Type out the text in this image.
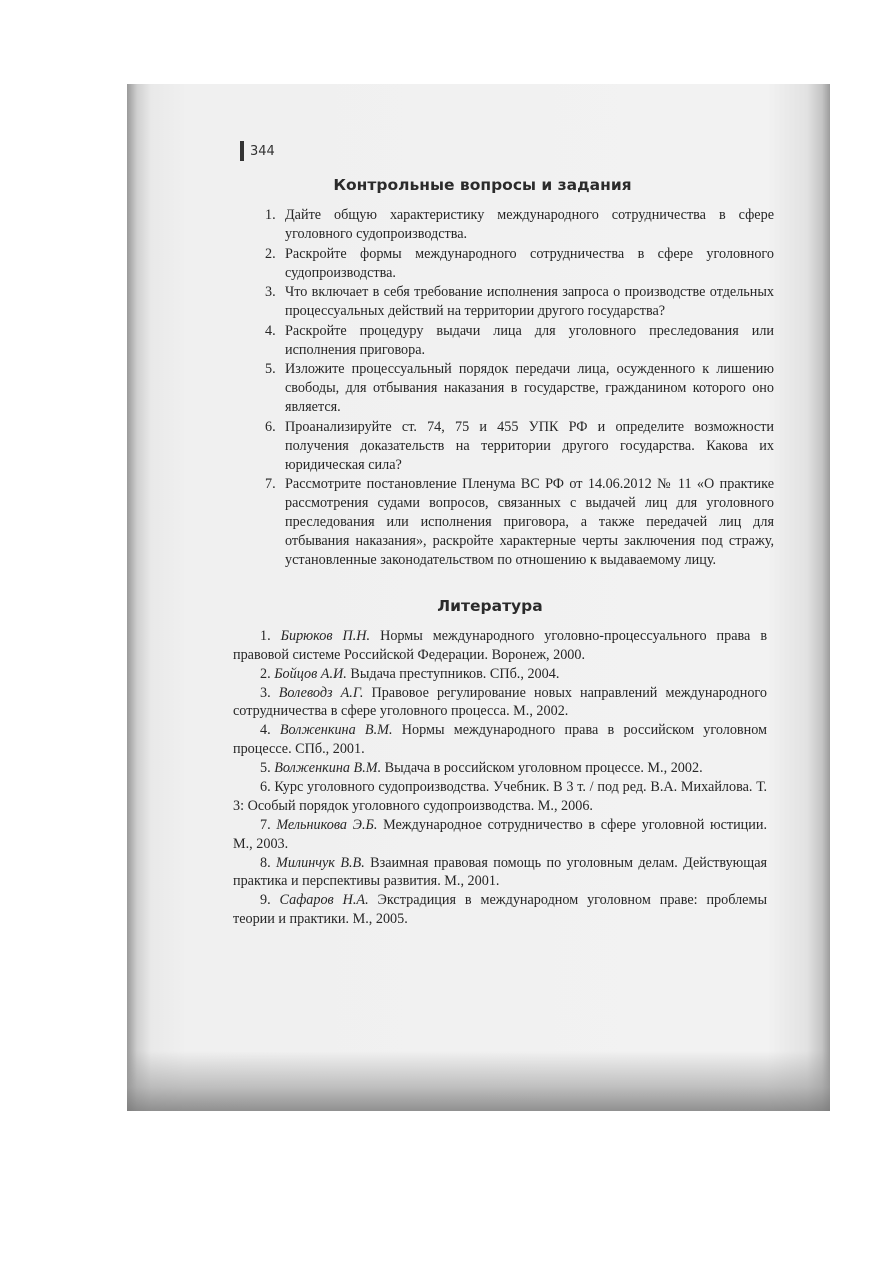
344
Контрольные вопросы и задания
1. Дайте общую характеристику международного сотрудничества в сфере уголовного судопроизводства.
2. Раскройте формы международного сотрудничества в сфере уголовного судопроизводства.
3. Что включает в себя требование исполнения запроса о производстве отдельных процессуальных действий на территории другого государства?
4. Раскройте процедуру выдачи лица для уголовного преследования или исполнения приговора.
5. Изложите процессуальный порядок передачи лица, осужденного к лишению свободы, для отбывания наказания в государстве, гражданином которого оно является.
6. Проанализируйте ст. 74, 75 и 455 УПК РФ и определите возможности получения доказательств на территории другого государства. Какова их юридическая сила?
7. Рассмотрите постановление Пленума ВС РФ от 14.06.2012 № 11 «О практике рассмотрения судами вопросов, связанных с выдачей лиц для уголовного преследования или исполнения приговора, а также передачей лиц для отбывания наказания», раскройте характерные черты заключения под стражу, установленные законодательством по отношению к выдаваемому лицу.
Литература
1. Бирюков П.Н. Нормы международного уголовно-процессуального права в правовой системе Российской Федерации. Воронеж, 2000.
2. Бойцов А.И. Выдача преступников. СПб., 2004.
3. Волеводз А.Г. Правовое регулирование новых направлений международного сотрудничества в сфере уголовного процесса. М., 2002.
4. Волженкина В.М. Нормы международного права в российском уголовном процессе. СПб., 2001.
5. Волженкина В.М. Выдача в российском уголовном процессе. М., 2002.
6. Курс уголовного судопроизводства. Учебник. В 3 т. / под ред. В.А. Михайлова. Т. 3: Особый порядок уголовного судопроизводства. М., 2006.
7. Мельникова Э.Б. Международное сотрудничество в сфере уголовной юстиции. М., 2003.
8. Милинчук В.В. Взаимная правовая помощь по уголовным делам. Действующая практика и перспективы развития. М., 2001.
9. Сафаров Н.А. Экстрадиция в международном уголовном праве: проблемы теории и практики. М., 2005.
